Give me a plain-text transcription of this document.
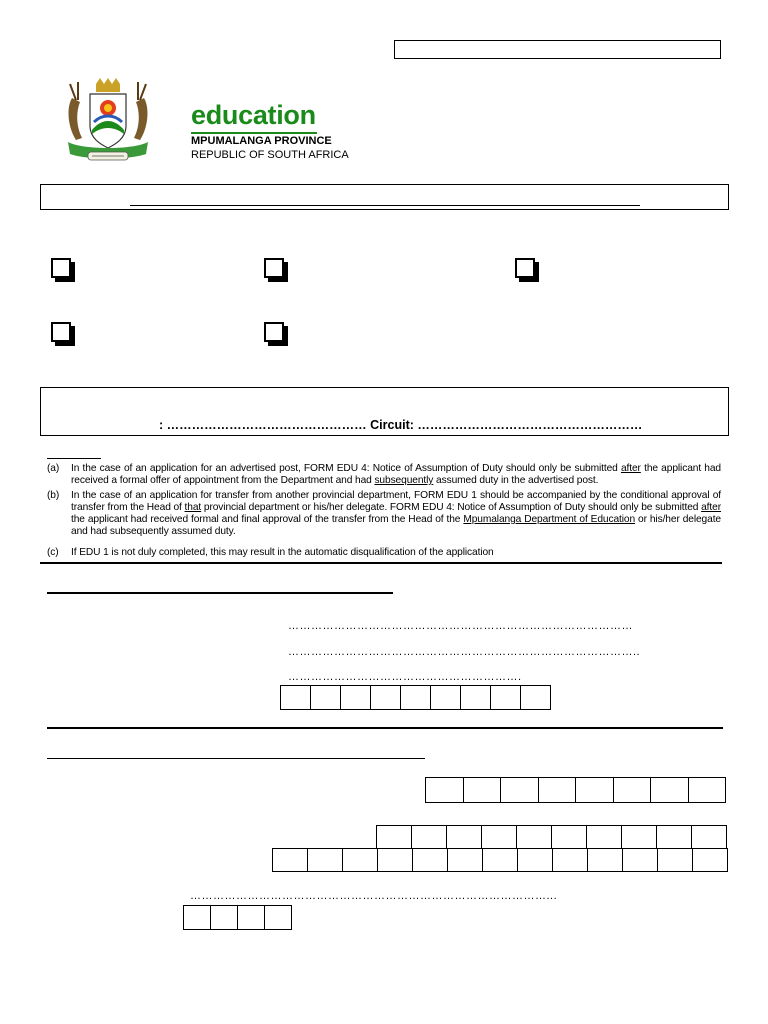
education
MPUMALANGA PROVINCE
REPUBLIC OF SOUTH AFRICA
: ………………………………………… Circuit: ………………………………………………
(a) In the case of an application for an advertised post, FORM EDU 4: Notice of Assumption of Duty should only be submitted after the applicant had received a formal offer of appointment from the Department and had subsequently assumed duty in the advertised post.
(b) In the case of an application for transfer from another provincial department, FORM EDU 1 should be accompanied by the conditional approval of transfer from the Head of that provincial department or his/her delegate. FORM EDU 4: Notice of Assumption of Duty should only be submitted after the applicant had received formal and final approval of the transfer from the Head of the Mpumalanga Department of Education or his/her delegate and had subsequently assumed duty.
(c) If EDU 1 is not duly completed, this may result in the automatic disqualification of the application
………………………………………………………………………………
………………………………………………………………………………..
…………………………………………………….
…………………………………………………………………………………...
